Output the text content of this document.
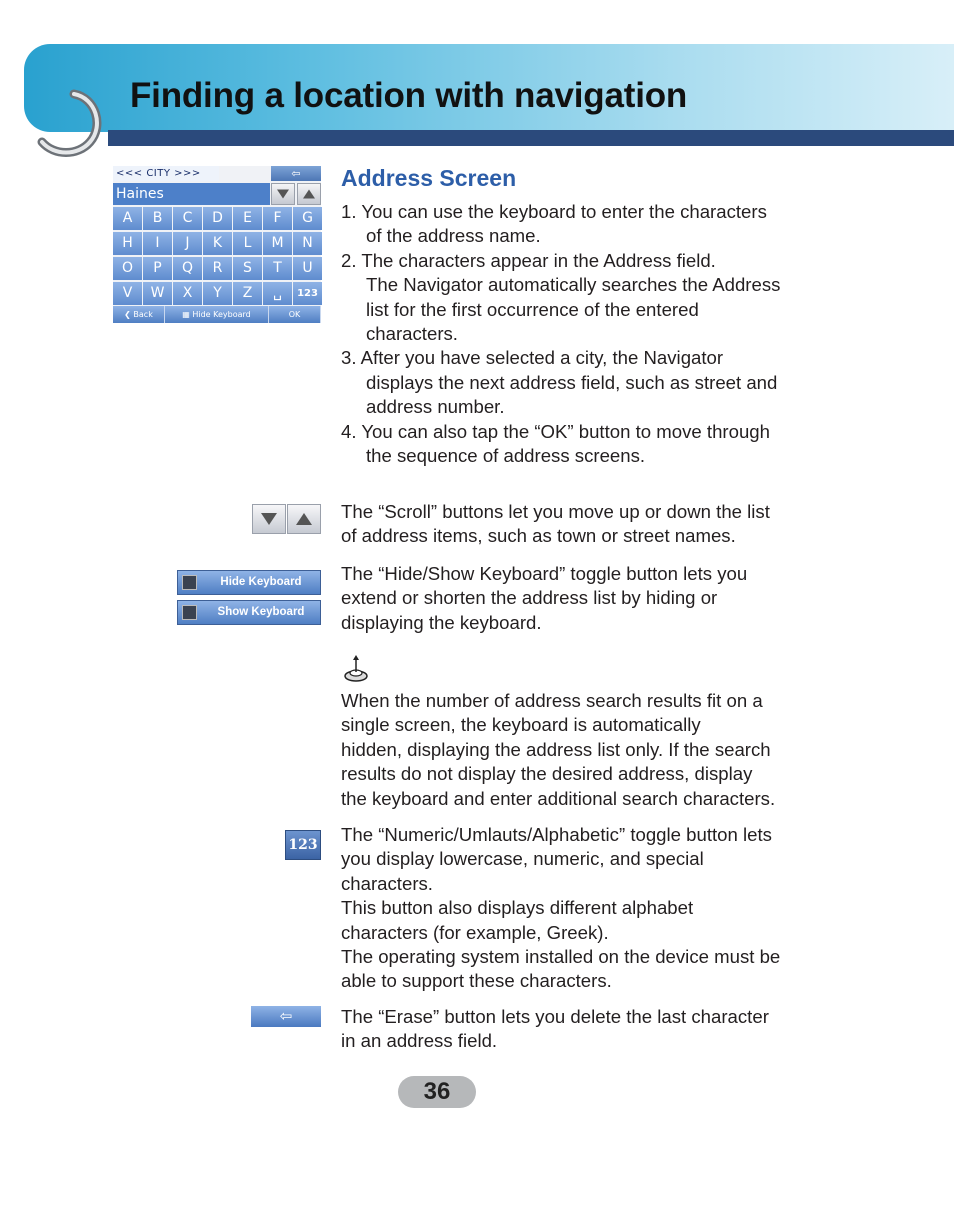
Finding a location with navigation
<<< CITY >>>	⇦
Haines
A	B	C	D	E	F	G
H	I	J	K	L	M	N
O	P	Q	R	S	T	U
V	W	X	Y	Z	␣	123
❮ Back	▦ Hide Keyboard	OK
Address Screen

1. You can use the keyboard to enter the characters

of the address name.

2. The characters appear in the Address field.

The Navigator automatically searches the Address

list for the first occurrence of the entered

characters.

3. After you have selected a city, the Navigator

displays the next address field, such as street and

address number.

4. You can also tap the “OK” button to move through

the sequence of address screens.

The “Scroll” buttons let you move up or down the list

of address items, such as town or street names.

Hide Keyboard
Show Keyboard

The “Hide/Show Keyboard” toggle button lets you

extend or shorten the address list by hiding or

displaying the keyboard.

When the number of address search results fit on a

single screen, the keyboard is automatically

hidden, displaying the address list only. If the search

results do not display the desired address, display

the keyboard and enter additional search characters.

123 The “Numeric/Umlauts/Alphabetic” toggle button lets

you display lowercase, numeric, and special

characters.

This button also displays different alphabet

characters (for example, Greek).

The operating system installed on the device must be

able to support these characters.

⇦	The “Erase” button lets you delete the last character

in an address field.

36
